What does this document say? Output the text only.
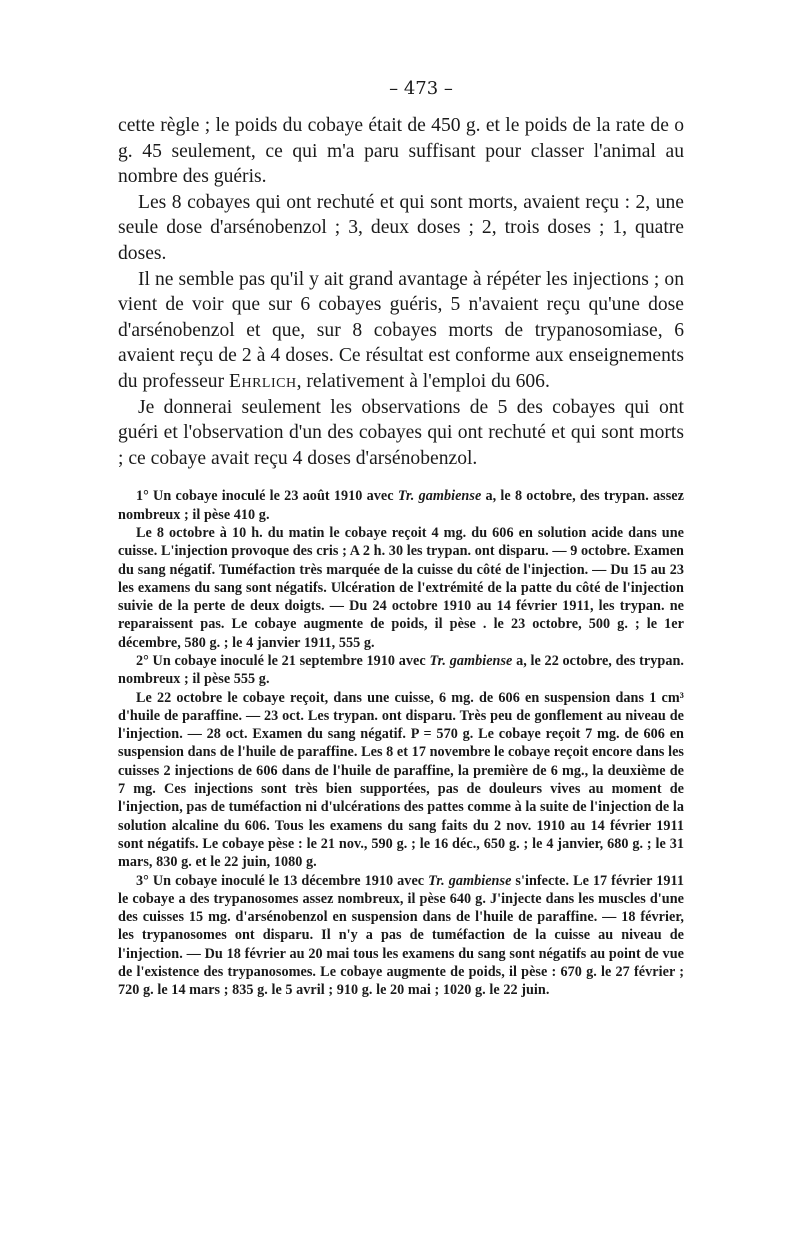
– 473 –

cette règle ; le poids du cobaye était de 450 g. et le poids de la rate de o g. 45 seulement, ce qui m'a paru suffisant pour classer l'animal au nombre des guéris.

Les 8 cobayes qui ont rechuté et qui sont morts, avaient reçu : 2, une seule dose d'arsénobenzol ; 3, deux doses ; 2, trois doses ; 1, quatre doses.

Il ne semble pas qu'il y ait grand avantage à répéter les injections ; on vient de voir que sur 6 cobayes guéris, 5 n'avaient reçu qu'une dose d'arsénobenzol et que, sur 8 cobayes morts de trypanosomiase, 6 avaient reçu de 2 à 4 doses. Ce résultat est conforme aux enseignements du professeur Ehrlich, relativement à l'emploi du 606.

Je donnerai seulement les observations de 5 des cobayes qui ont guéri et l'observation d'un des cobayes qui ont rechuté et qui sont morts ; ce cobaye avait reçu 4 doses d'arsénobenzol.

1° Un cobaye inoculé le 23 août 1910 avec Tr. gambiense a, le 8 octobre, des trypan. assez nombreux ; il pèse 410 g.

Le 8 octobre à 10 h. du matin le cobaye reçoit 4 mg. du 606 en solution acide dans une cuisse. L'injection provoque des cris ; A 2 h. 30 les trypan. ont disparu. — 9 octobre. Examen du sang négatif. Tuméfaction très marquée de la cuisse du côté de l'injection. — Du 15 au 23 les examens du sang sont négatifs. Ulcération de l'extrémité de la patte du côté de l'injection suivie de la perte de deux doigts. — Du 24 octobre 1910 au 14 février 1911, les trypan. ne reparaissent pas. Le cobaye augmente de poids, il pèse . le 23 octobre, 500 g. ; le 1er décembre, 580 g. ; le 4 janvier 1911, 555 g.

2° Un cobaye inoculé le 21 septembre 1910 avec Tr. gambiense a, le 22 octobre, des trypan. nombreux ; il pèse 555 g.

Le 22 octobre le cobaye reçoit, dans une cuisse, 6 mg. de 606 en suspension dans 1 cm³ d'huile de paraffine. — 23 oct. Les trypan. ont disparu. Très peu de gonflement au niveau de l'injection. — 28 oct. Examen du sang négatif. P = 570 g. Le cobaye reçoit 7 mg. de 606 en suspension dans de l'huile de paraffine. Les 8 et 17 novembre le cobaye reçoit encore dans les cuisses 2 injections de 606 dans de l'huile de paraffine, la première de 6 mg., la deuxième de 7 mg. Ces injections sont très bien supportées, pas de douleurs vives au moment de l'injection, pas de tuméfaction ni d'ulcérations des pattes comme à la suite de l'injection de la solution alcaline du 606. Tous les examens du sang faits du 2 nov. 1910 au 14 février 1911 sont négatifs. Le cobaye pèse : le 21 nov., 590 g. ; le 16 déc., 650 g. ; le 4 janvier, 680 g. ; le 31 mars, 830 g. et le 22 juin, 1080 g.

3° Un cobaye inoculé le 13 décembre 1910 avec Tr. gambiense s'infecte. Le 17 février 1911 le cobaye a des trypanosomes assez nombreux, il pèse 640 g. J'injecte dans les muscles d'une des cuisses 15 mg. d'arsénobenzol en suspension dans de l'huile de paraffine. — 18 février, les trypanosomes ont disparu. Il n'y a pas de tuméfaction de la cuisse au niveau de l'injection. — Du 18 février au 20 mai tous les examens du sang sont négatifs au point de vue de l'existence des trypanosomes. Le cobaye augmente de poids, il pèse : 670 g. le 27 février ; 720 g. le 14 mars ; 835 g. le 5 avril ; 910 g. le 20 mai ; 1020 g. le 22 juin.
